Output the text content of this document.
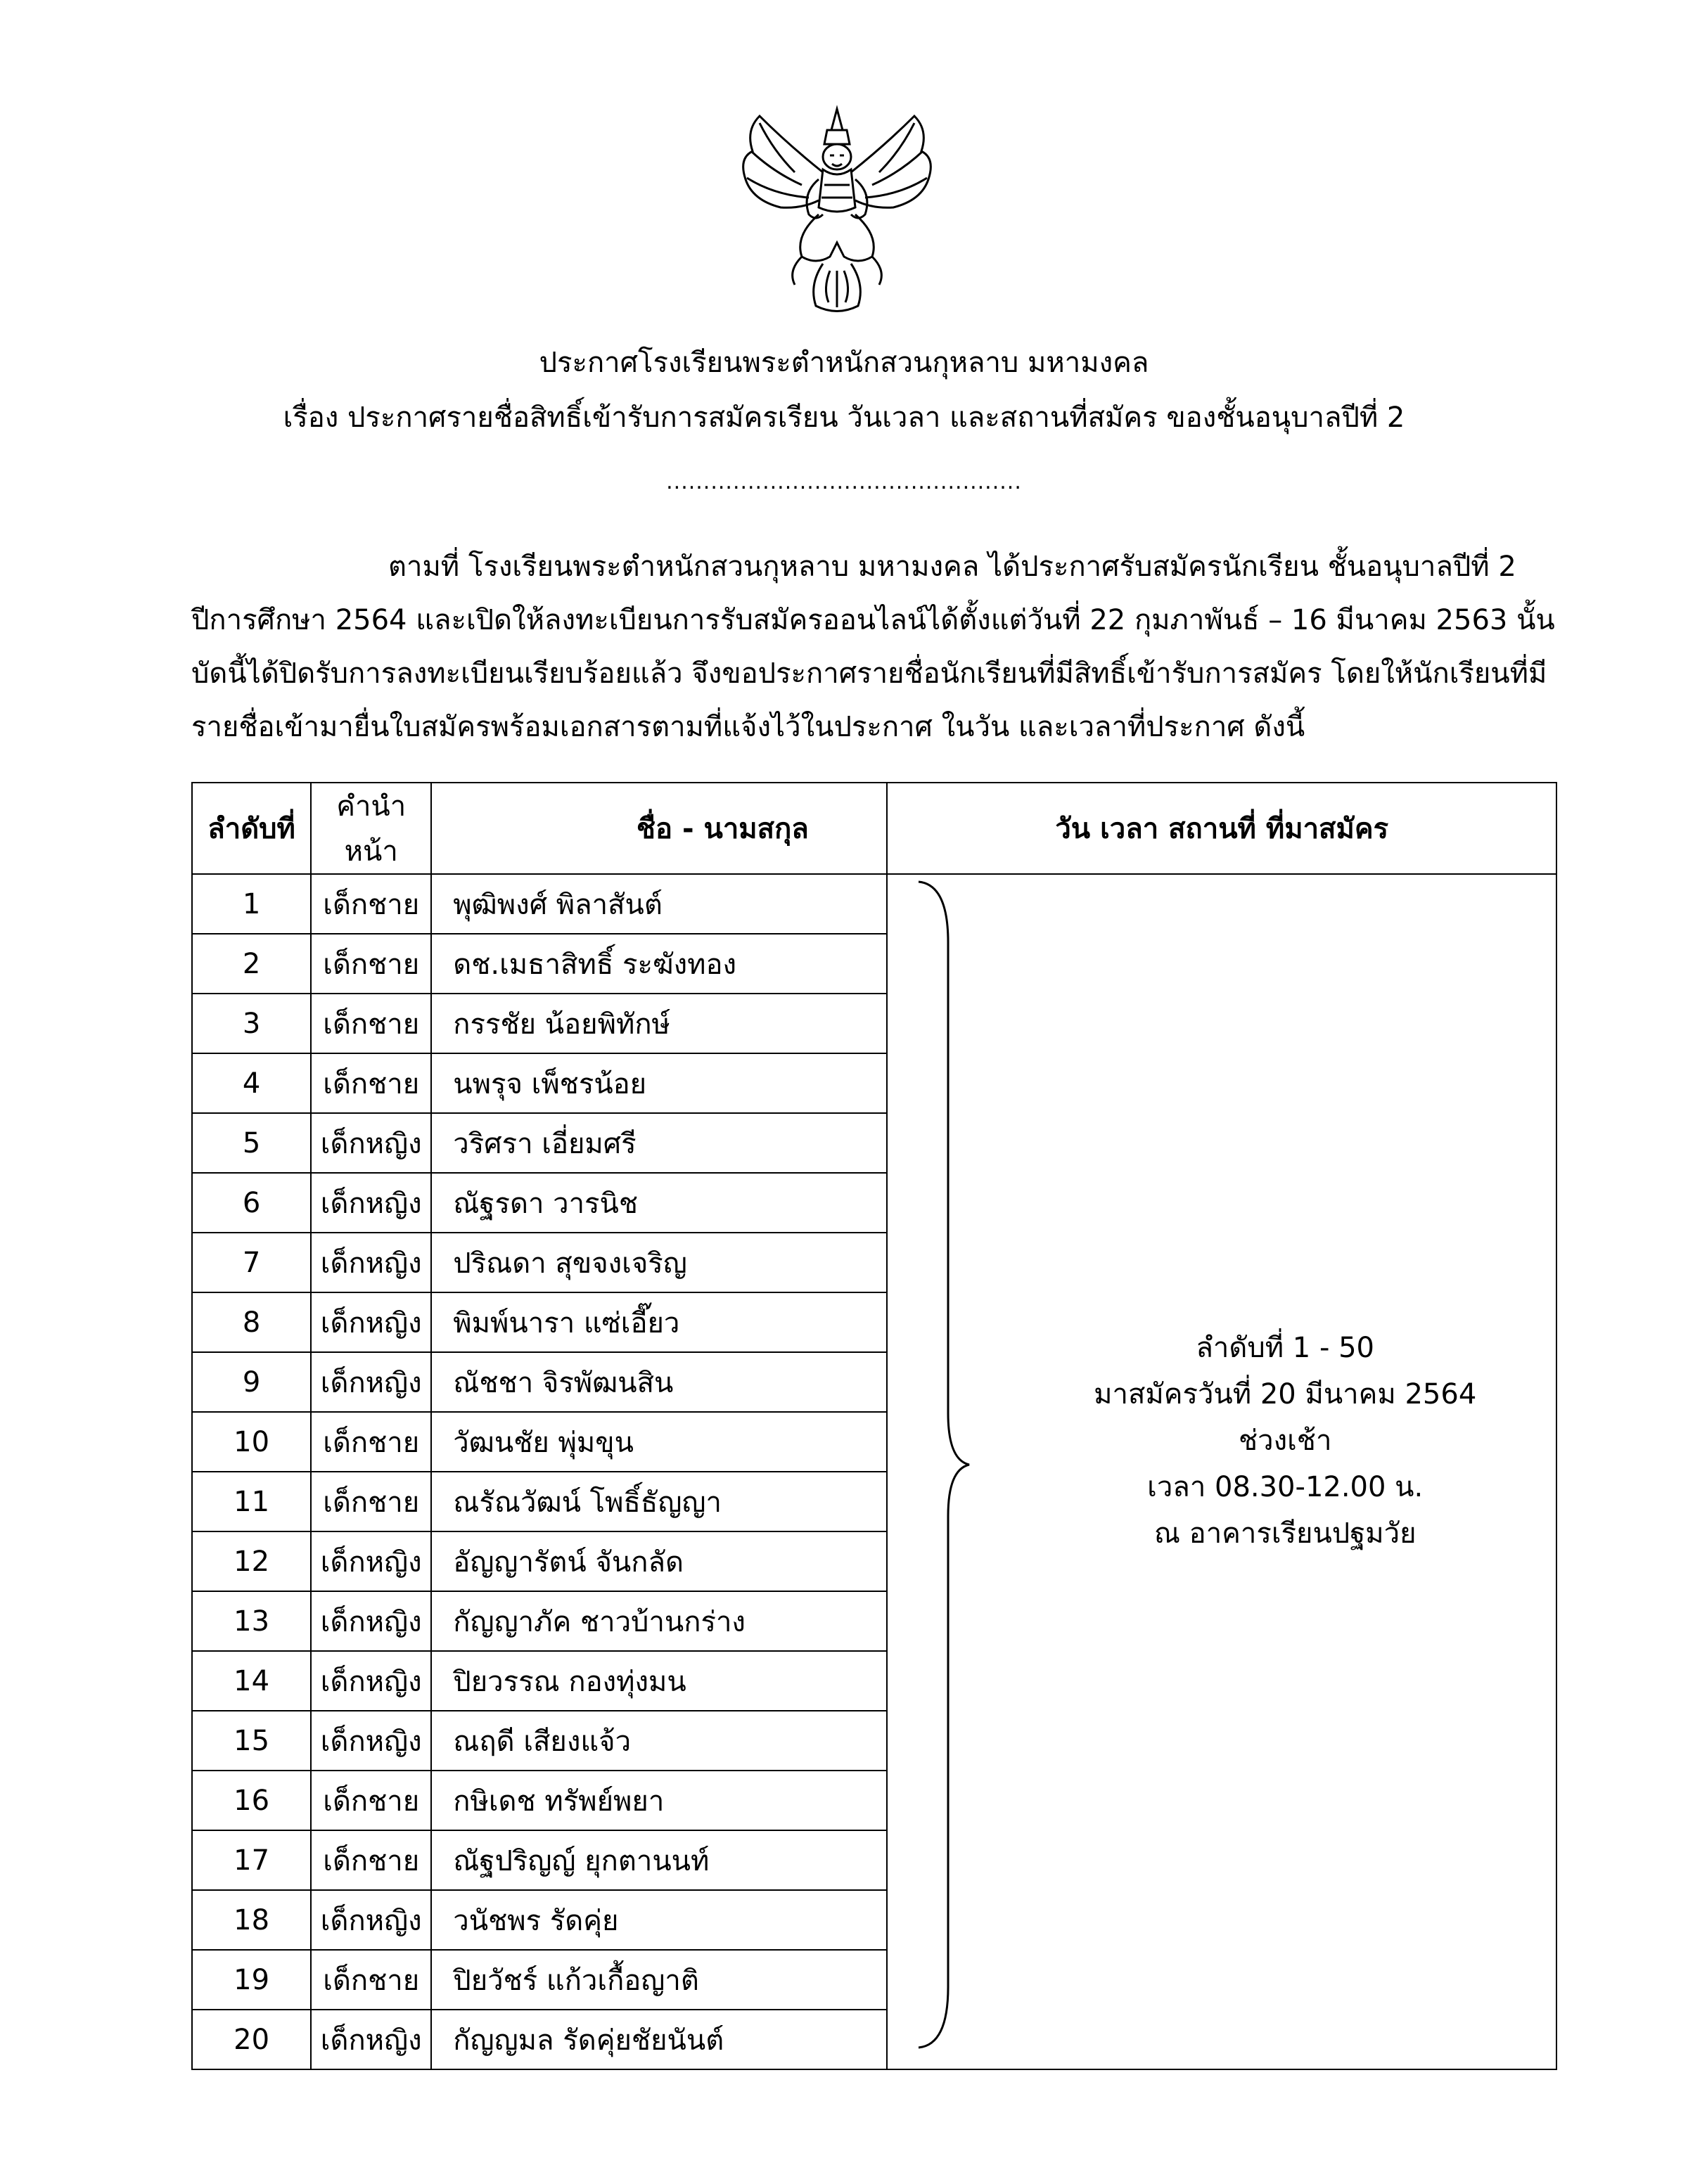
ประกาศโรงเรียนพระตำหนักสวนกุหลาบ มหามงคล
เรื่อง ประกาศรายชื่อสิทธิ์เข้ารับการสมัครเรียน วันเวลา และสถานที่สมัคร ของชั้นอนุบาลปีที่ 2
................................................
ตามที่ โรงเรียนพระตำหนักสวนกุหลาบ มหามงคล ได้ประกาศรับสมัครนักเรียน ชั้นอนุบาลปีที่ 2
ปีการศึกษา 2564 และเปิดให้ลงทะเบียนการรับสมัครออนไลน์ได้ตั้งแต่วันที่ 22 กุมภาพันธ์ – 16 มีนาคม 2563 นั้น
บัดนี้ได้ปิดรับการลงทะเบียนเรียบร้อยแล้ว จึงขอประกาศรายชื่อนักเรียนที่มีสิทธิ์เข้ารับการสมัคร โดยให้นักเรียนที่มี
รายชื่อเข้ามายื่นใบสมัครพร้อมเอกสารตามที่แจ้งไว้ในประกาศ ในวัน และเวลาที่ประกาศ ดังนี้
ลำดับที่	คำนำหน้า	ชื่อ - นามสกุล	วัน เวลา สถานที่ ที่มาสมัคร
1	เด็กชาย	พุฒิพงศ์ พิลาสันต์	ลำดับที่ 1 - 50
มาสมัครวันที่ 20 มีนาคม 2564
ช่วงเช้า
เวลา 08.30-12.00 น.
ณ อาคารเรียนปฐมวัย

2	เด็กชาย	ดช.เมธาสิทธิ์ ระฆังทอง	
3	เด็กชาย	กรรชัย น้อยพิทักษ์	
4	เด็กชาย	นพรุจ เพ็ชรน้อย	
5	เด็กหญิง	วริศรา เอี่ยมศรี	
6	เด็กหญิง	ณัฐรดา วารนิช	
7	เด็กหญิง	ปริณดา สุขจงเจริญ	
8	เด็กหญิง	พิมพ์นารา แซ่เอี๊ยว	
9	เด็กหญิง	ณัชชา จิรพัฒนสิน	
10	เด็กชาย	วัฒนชัย พุ่มขุน	
11	เด็กชาย	ณรัณวัฒน์ โพธิ์ธัญญา	
12	เด็กหญิง	อัญญารัตน์ จันกลัด	
13	เด็กหญิง	กัญญาภัค ชาวบ้านกร่าง	
14	เด็กหญิง	ปิยวรรณ กองทุ่งมน	
15	เด็กหญิง	ณฤดี เสียงแจ้ว	
16	เด็กชาย	กษิเดช ทรัพย์พยา	
17	เด็กชาย	ณัฐปริญญ์ ยุกตานนท์	
18	เด็กหญิง	วนัชพร รัดคุ่ย	
19	เด็กชาย	ปิยวัชร์ แก้วเกื้อญาติ	
20	เด็กหญิง	กัญญมล รัดคุ่ยชัยนันต์	
